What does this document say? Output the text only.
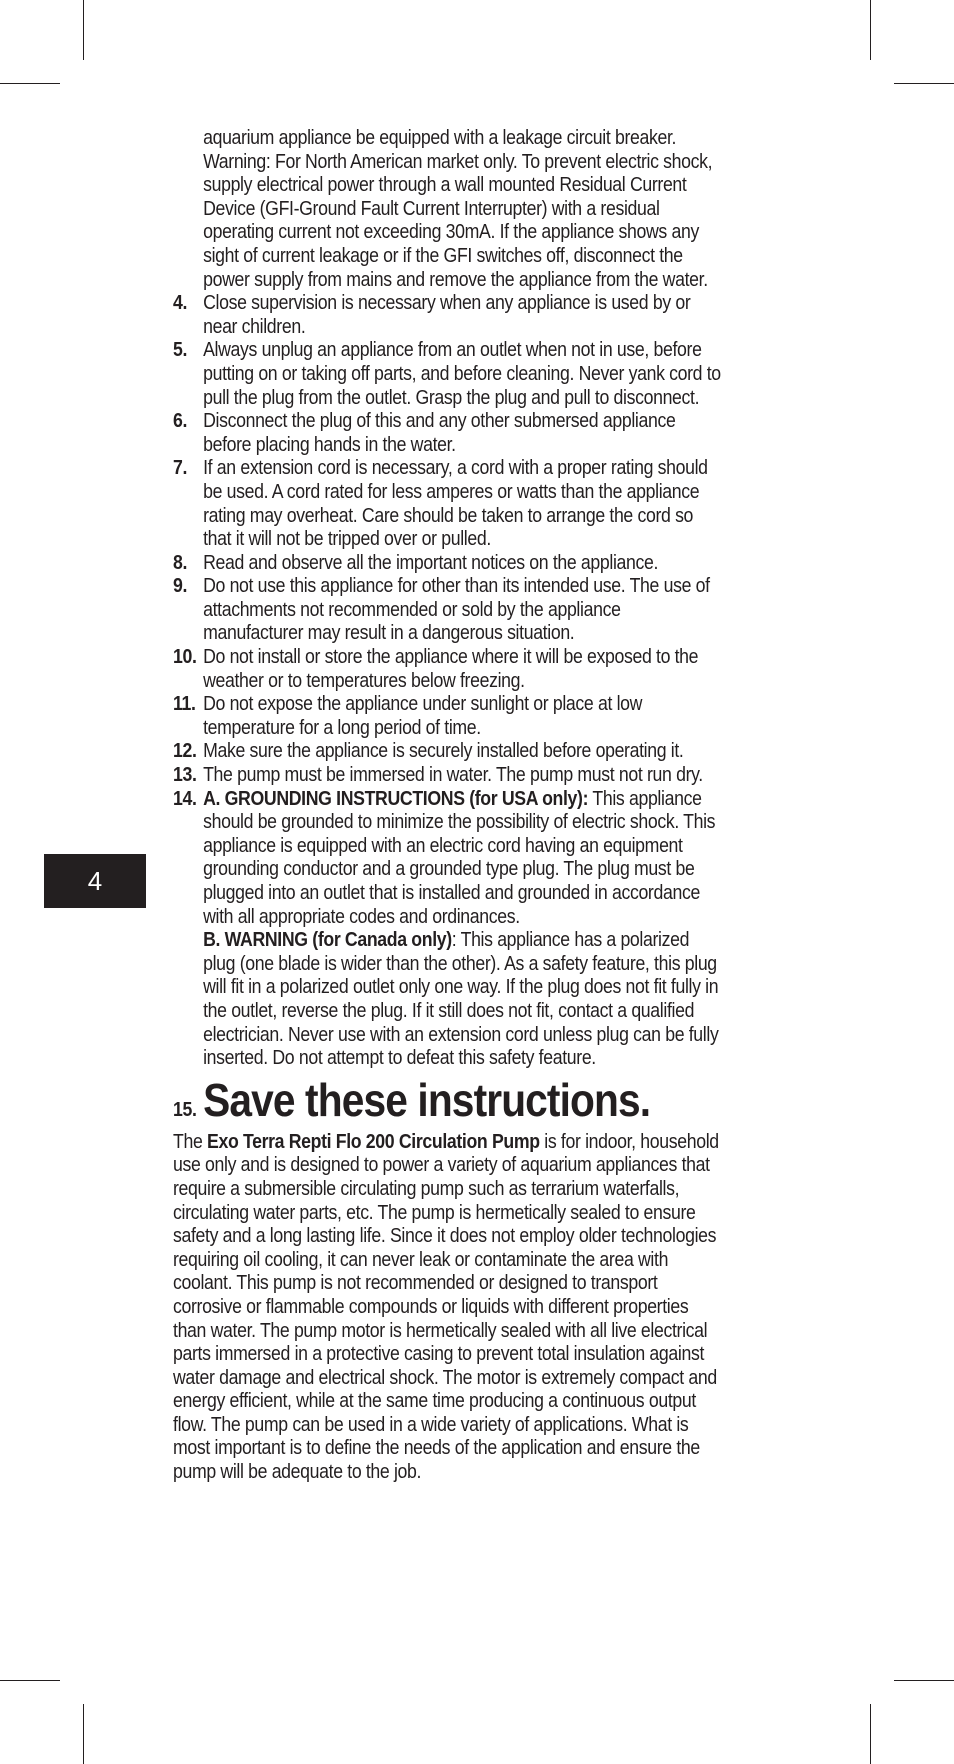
4

aquarium appliance be equipped with a leakage circuit breaker. Warning: For North American market only. To prevent electric shock, supply electrical power through a wall mounted Residual Current Device (GFI-Ground Fault Current Interrupter) with a residual operating current not exceeding 30mA. If the appliance shows any sight of current leakage or if the GFI switches off, disconnect the power supply from mains and remove the appliance from the water.

4. Close supervision is necessary when any appliance is used by or near children.
5. Always unplug an appliance from an outlet when not in use, before putting on or taking off parts, and before cleaning. Never yank cord to pull the plug from the outlet. Grasp the plug and pull to disconnect.
6. Disconnect the plug of this and any other submersed appliance before placing hands in the water.
7. If an extension cord is necessary, a cord with a proper rating should be used. A cord rated for less amperes or watts than the appliance rating may overheat. Care should be taken to arrange the cord so that it will not be tripped over or pulled.
8. Read and observe all the important notices on the appliance.
9. Do not use this appliance for other than its intended use. The use of attachments not recommended or sold by the appliance manufacturer may result in a dangerous situation.
10. Do not install or store the appliance where it will be exposed to the weather or to temperatures below freezing.
11. Do not expose the appliance under sunlight or place at low temperature for a long period of time.
12. Make sure the appliance is securely installed before operating it.
13. The pump must be immersed in water. The pump must not run dry.
14. A. GROUNDING INSTRUCTIONS (for USA only): This appliance should be grounded to minimize the possibility of electric shock. This appliance is equipped with an electric cord having an equipment grounding conductor and a grounded type plug. The plug must be plugged into an outlet that is installed and grounded in accordance with all appropriate codes and ordinances.

B. WARNING (for Canada only): This appliance has a polarized plug (one blade is wider than the other). As a safety feature, this plug will fit in a polarized outlet only one way. If the plug does not fit fully in the outlet, reverse the plug. If it still does not fit, contact a qualified electrician. Never use with an extension cord unless plug can be fully inserted. Do not attempt to defeat this safety feature.

15. Save these instructions.

The Exo Terra Repti Flo 200 Circulation Pump is for indoor, household use only and is designed to power a variety of aquarium appliances that require a submersible circulating pump such as terrarium waterfalls, circulating water parts, etc. The pump is hermetically sealed to ensure safety and a long lasting life. Since it does not employ older technologies requiring oil cooling, it can never leak or contaminate the area with coolant. This pump is not recommended or designed to transport corrosive or flammable compounds or liquids with different properties than water. The pump motor is hermetically sealed with all live electrical parts immersed in a protective casing to prevent total insulation against water damage and electrical shock. The motor is extremely compact and energy efficient, while at the same time producing a continuous output flow. The pump can be used in a wide variety of applications. What is most important is to define the needs of the application and ensure the pump will be adequate to the job.
